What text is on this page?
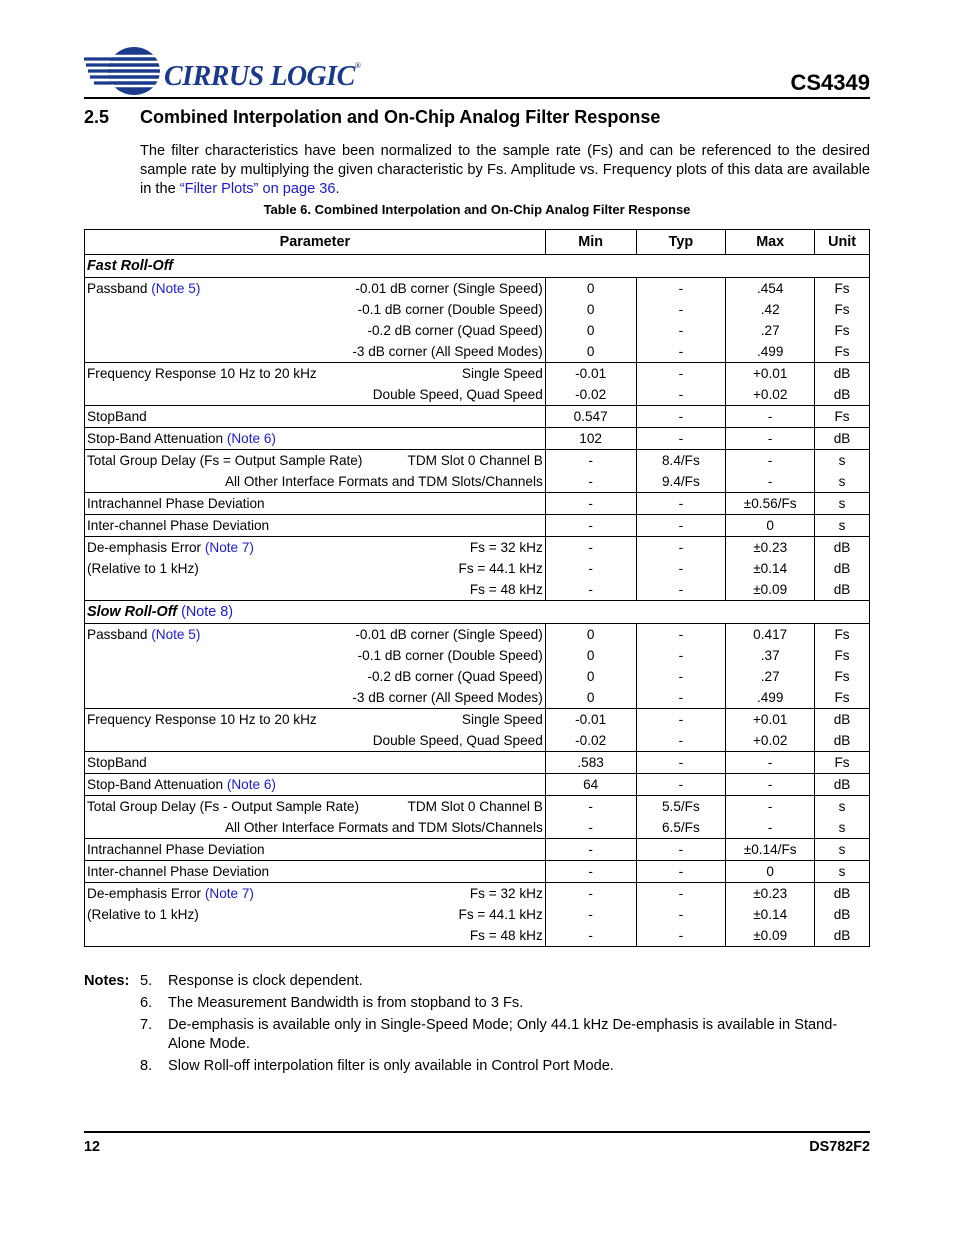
CIRRUS LOGIC®
CS4349
2.5 Combined Interpolation and On-Chip Analog Filter Response
The filter characteristics have been normalized to the sample rate (Fs) and can be referenced to the desired sample rate by multiplying the given characteristic by Fs. Amplitude vs. Frequency plots of this data are available in the “Filter Plots” on page 36.
Table 6. Combined Interpolation and On-Chip Analog Filter Response
Parameter	Min	Typ	Max	Unit
Fast Roll-Off				

Passband (Note 5) -0.01 dB corner (Single Speed)	0	-	.454	Fs

-0.1 dB corner (Double Speed)	0	-	.42	Fs

-0.2 dB corner (Quad Speed)	0	-	.27	Fs

-3 dB corner (All Speed Modes)	0	-	.499	Fs

Frequency Response 10 Hz to 20 kHz Single Speed	-0.01	-	+0.01	dB

Double Speed, Quad Speed	-0.02	-	+0.02	dB

StopBand	0.547	-	-	Fs

Stop-Band Attenuation (Note 6)	102	-	-	dB

Total Group Delay (Fs = Output Sample Rate) TDM Slot 0 Channel B	-	8.4/Fs	-	s

All Other Interface Formats and TDM Slots/Channels	-	9.4/Fs	-	s

Intrachannel Phase Deviation	-	-	±0.56/Fs	s

Inter-channel Phase Deviation	-	-	0	s

De-emphasis Error (Note 7) Fs = 32 kHz	-	-	±0.23	dB

(Relative to 1 kHz) Fs = 44.1 kHz	-	-	±0.14	dB

Fs = 48 kHz	-	-	±0.09	dB
Slow Roll-Off (Note 8)				

Passband (Note 5) -0.01 dB corner (Single Speed)	0	-	0.417	Fs

-0.1 dB corner (Double Speed)	0	-	.37	Fs

-0.2 dB corner (Quad Speed)	0	-	.27	Fs

-3 dB corner (All Speed Modes)	0	-	.499	Fs

Frequency Response 10 Hz to 20 kHz Single Speed	-0.01	-	+0.01	dB

Double Speed, Quad Speed	-0.02	-	+0.02	dB

StopBand	.583	-	-	Fs

Stop-Band Attenuation (Note 6)	64	-	-	dB

Total Group Delay (Fs - Output Sample Rate) TDM Slot 0 Channel B	-	5.5/Fs	-	s

All Other Interface Formats and TDM Slots/Channels	-	6.5/Fs	-	s

Intrachannel Phase Deviation	-	-	±0.14/Fs	s

Inter-channel Phase Deviation	-	-	0	s

De-emphasis Error (Note 7) Fs = 32 kHz	-	-	±0.23	dB

(Relative to 1 kHz) Fs = 44.1 kHz	-	-	±0.14	dB

Fs = 48 kHz	-	-	±0.09	dB
Notes: 5. Response is clock dependent.
6. The Measurement Bandwidth is from stopband to 3 Fs.
7. De-emphasis is available only in Single-Speed Mode; Only 44.1 kHz De-emphasis is available in Stand-Alone Mode.
8. Slow Roll-off interpolation filter is only available in Control Port Mode.
12	DS782F2
